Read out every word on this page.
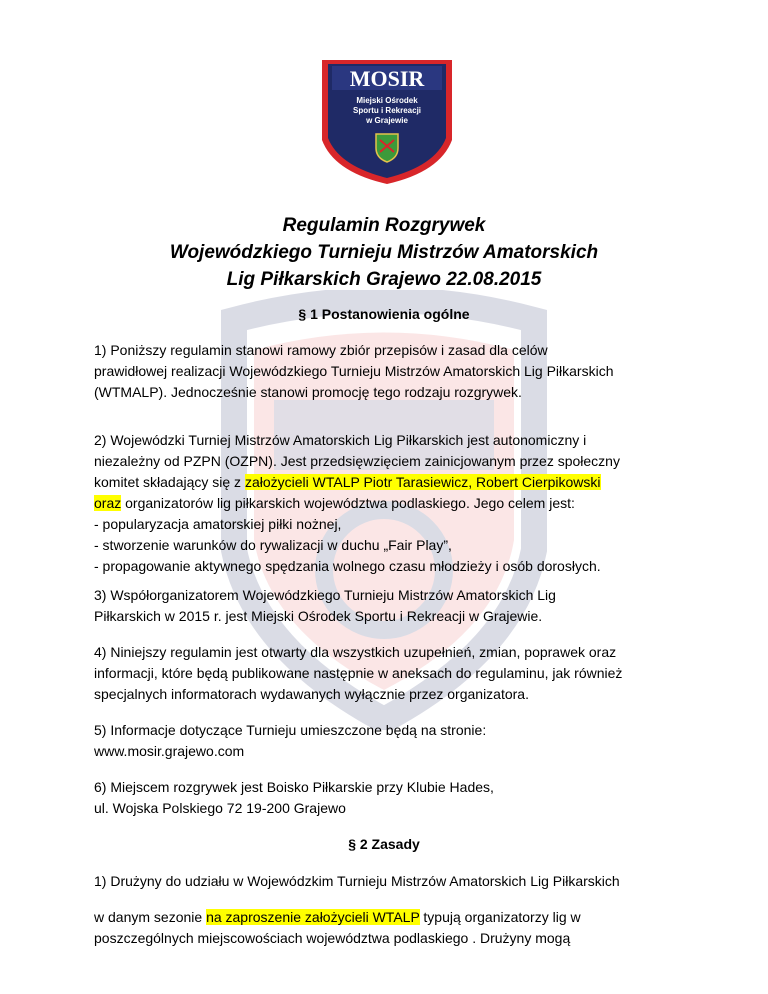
MOSIR
Miejski Ośrodek
Sportu i Rekreacji
w Grajewie
Regulamin Rozgrywek
Wojewódzkiego Turnieju Mistrzów Amatorskich
Lig Piłkarskich Grajewo 22.08.2015
§ 1 Postanowienia ogólne
1) Poniższy regulamin stanowi ramowy zbiór przepisów i zasad dla celów
prawidłowej realizacji Wojewódzkiego Turnieju Mistrzów Amatorskich Lig Piłkarskich
(WTMALP). Jednocześnie stanowi promocję tego rodzaju rozgrywek.
2) Wojewódzki Turniej Mistrzów Amatorskich Lig Piłkarskich jest autonomiczny i
niezależny od PZPN (OZPN). Jest przedsięwzięciem zainicjowanym przez społeczny
komitet składający się z założycieli WTALP Piotr Tarasiewicz, Robert Cierpikowski
oraz organizatorów lig piłkarskich województwa podlaskiego. Jego celem jest:
- popularyzacja amatorskiej piłki nożnej,
- stworzenie warunków do rywalizacji w duchu „Fair Play”,
- propagowanie aktywnego spędzania wolnego czasu młodzieży i osób dorosłych.
3) Współorganizatorem Wojewódzkiego Turnieju Mistrzów Amatorskich Lig
Piłkarskich w 2015 r. jest Miejski Ośrodek Sportu i Rekreacji w Grajewie.
4) Niniejszy regulamin jest otwarty dla wszystkich uzupełnień, zmian, poprawek oraz
informacji, które będą publikowane następnie w aneksach do regulaminu, jak również
specjalnych informatorach wydawanych wyłącznie przez organizatora.
5) Informacje dotyczące Turnieju umieszczone będą na stronie:
www.mosir.grajewo.com
6) Miejscem rozgrywek jest Boisko Piłkarskie przy Klubie Hades,
ul. Wojska Polskiego 72 19-200 Grajewo
§ 2 Zasady
1) Drużyny do udziału w Wojewódzkim Turnieju Mistrzów Amatorskich Lig Piłkarskich
w danym sezonie na zaproszenie założycieli WTALP typują organizatorzy lig w
poszczególnych miejscowościach województwa podlaskiego . Drużyny mogą
